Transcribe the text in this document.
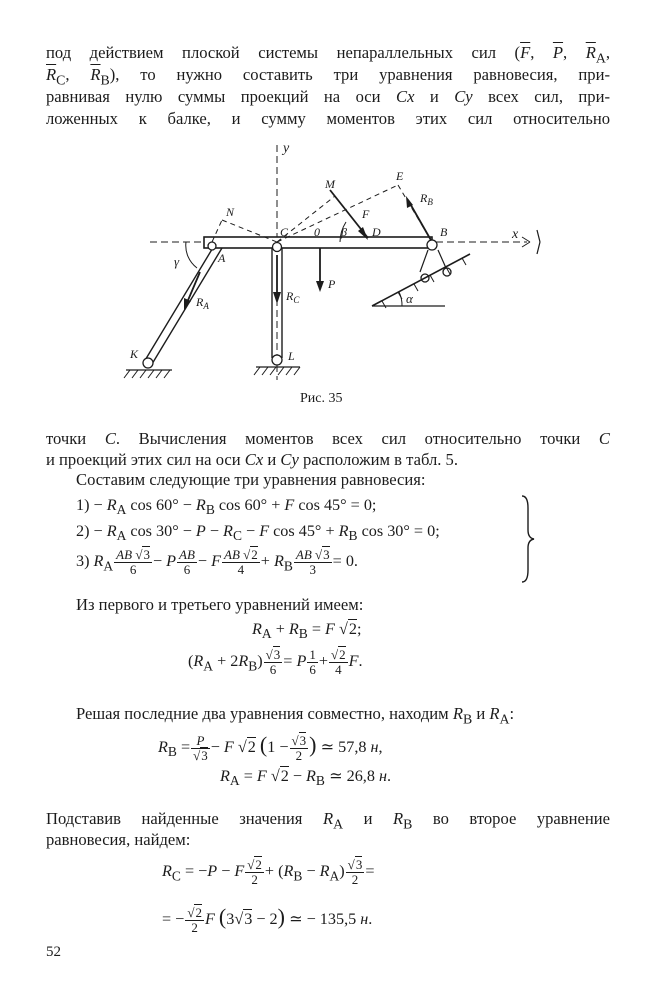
под действием плоской системы непараллельных сил ($\overline{F}$, $\overline{P}$, $\overline{R}_A$,
$\overline{R}_C$, $\overline{R}_B$), то нужно составить три уравнения равновесия, при-
равнивая нулю суммы проекций на оси Cx и Cy всех сил, при-
ложенных к балке, и сумму моментов этих сил относительно
y
x
N
C 0 β D
M
F
E
$R_B$
B
A
γ
P
$R_A$
$R_C$
K	L
α
Рис. 35
точки C. Вычисления моментов всех сил относительно точки C
и проекций этих сил на оси Cx и Cy расположим в табл. 5.
Составим следующие три уравнения равновесия:
$1) - R_A$ $\cos 60^\circ - R_B$ cos 60° + F cos 45° = 0;
$2) - R_A$ $\cos 30^\circ - P - R_C - F$ $\cos 45^\circ + R_B$ cos 30° = 0;
3) $R_A \frac{AB √3}{6} - P \frac{AB}{6} - F \frac{AB √2}{4} + R_B \frac{AB √3}{3} = 0$.
Из первого и третьего уравнений имеем:
$R_A + R_B = F$ √2;
$(R_A + 2R_B) \frac{√3}{6} = P \frac{1}{6} + \frac{√2}{4} F$.
Решая последние два уравнения совместно, находим $R_B$ и $R_A$:
$R_B = \frac{P}{√3} - F$ √2 ($1 - \frac{√3}{2}$ ) ≃ 57,8 н,
$R_A = F$ $√2 - R_B$ ≃ 26,8 н.
Подставив найденные значения $R_A$ и $R_B$ во второе уравнение
равновесия, найдем:
$R_C = -P - F \frac{√2}{2} + (R_B - R_A) \frac{√3}{2}$ =
= − $\frac{√2}{2}$ F (3√3 − 2) ≃ − 135,5 н.
52
